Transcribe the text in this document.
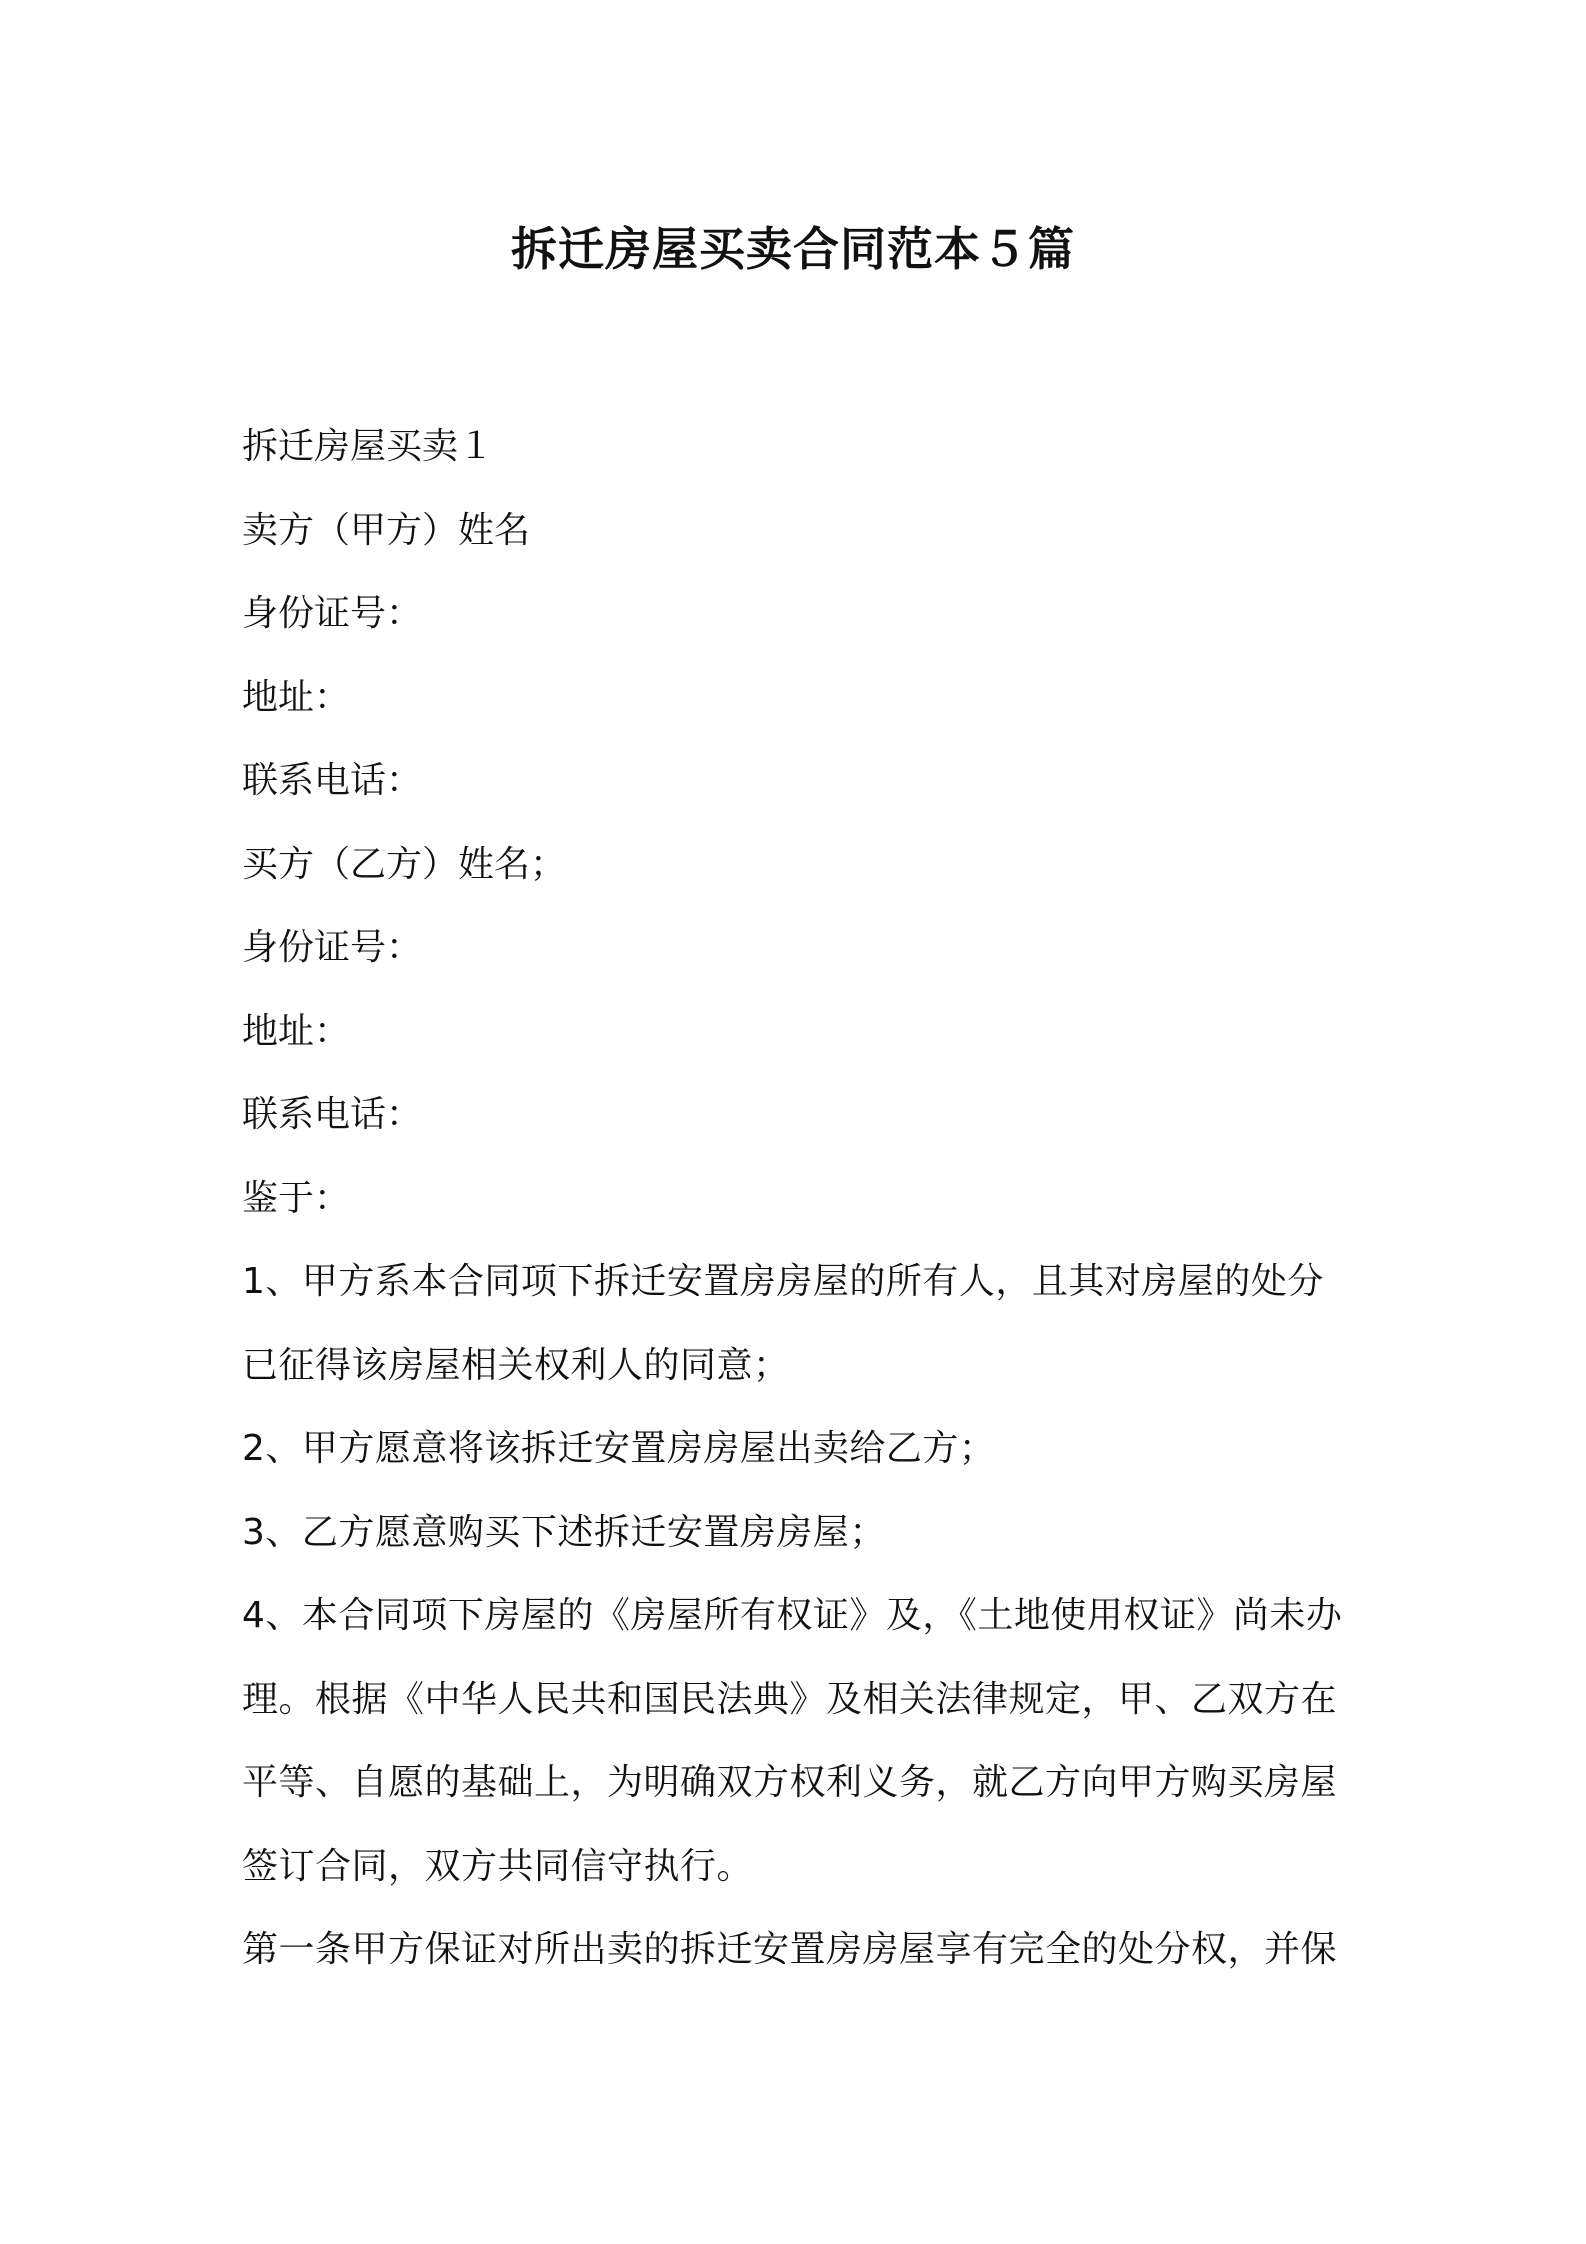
拆迁房屋买卖合同范本５篇
拆迁房屋买卖１
卖方（甲方）姓名
身份证号：
地址：
联系电话：
买方（乙方）姓名；
身份证号：
地址：
联系电话：
鉴于：
1、甲方系本合同项下拆迁安置房房屋的所有人，且其对房屋的处分
已征得该房屋相关权利人的同意；
2、甲方愿意将该拆迁安置房房屋出卖给乙方；
3、乙方愿意购买下述拆迁安置房房屋；
4、本合同项下房屋的《房屋所有权证》及，《土地使用权证》尚未办
理。根据《中华人民共和国民法典》及相关法律规定，甲、乙双方在
平等、自愿的基础上，为明确双方权利义务，就乙方向甲方购买房屋
签订合同，双方共同信守执行。
第一条甲方保证对所出卖的拆迁安置房房屋享有完全的处分权，并保
